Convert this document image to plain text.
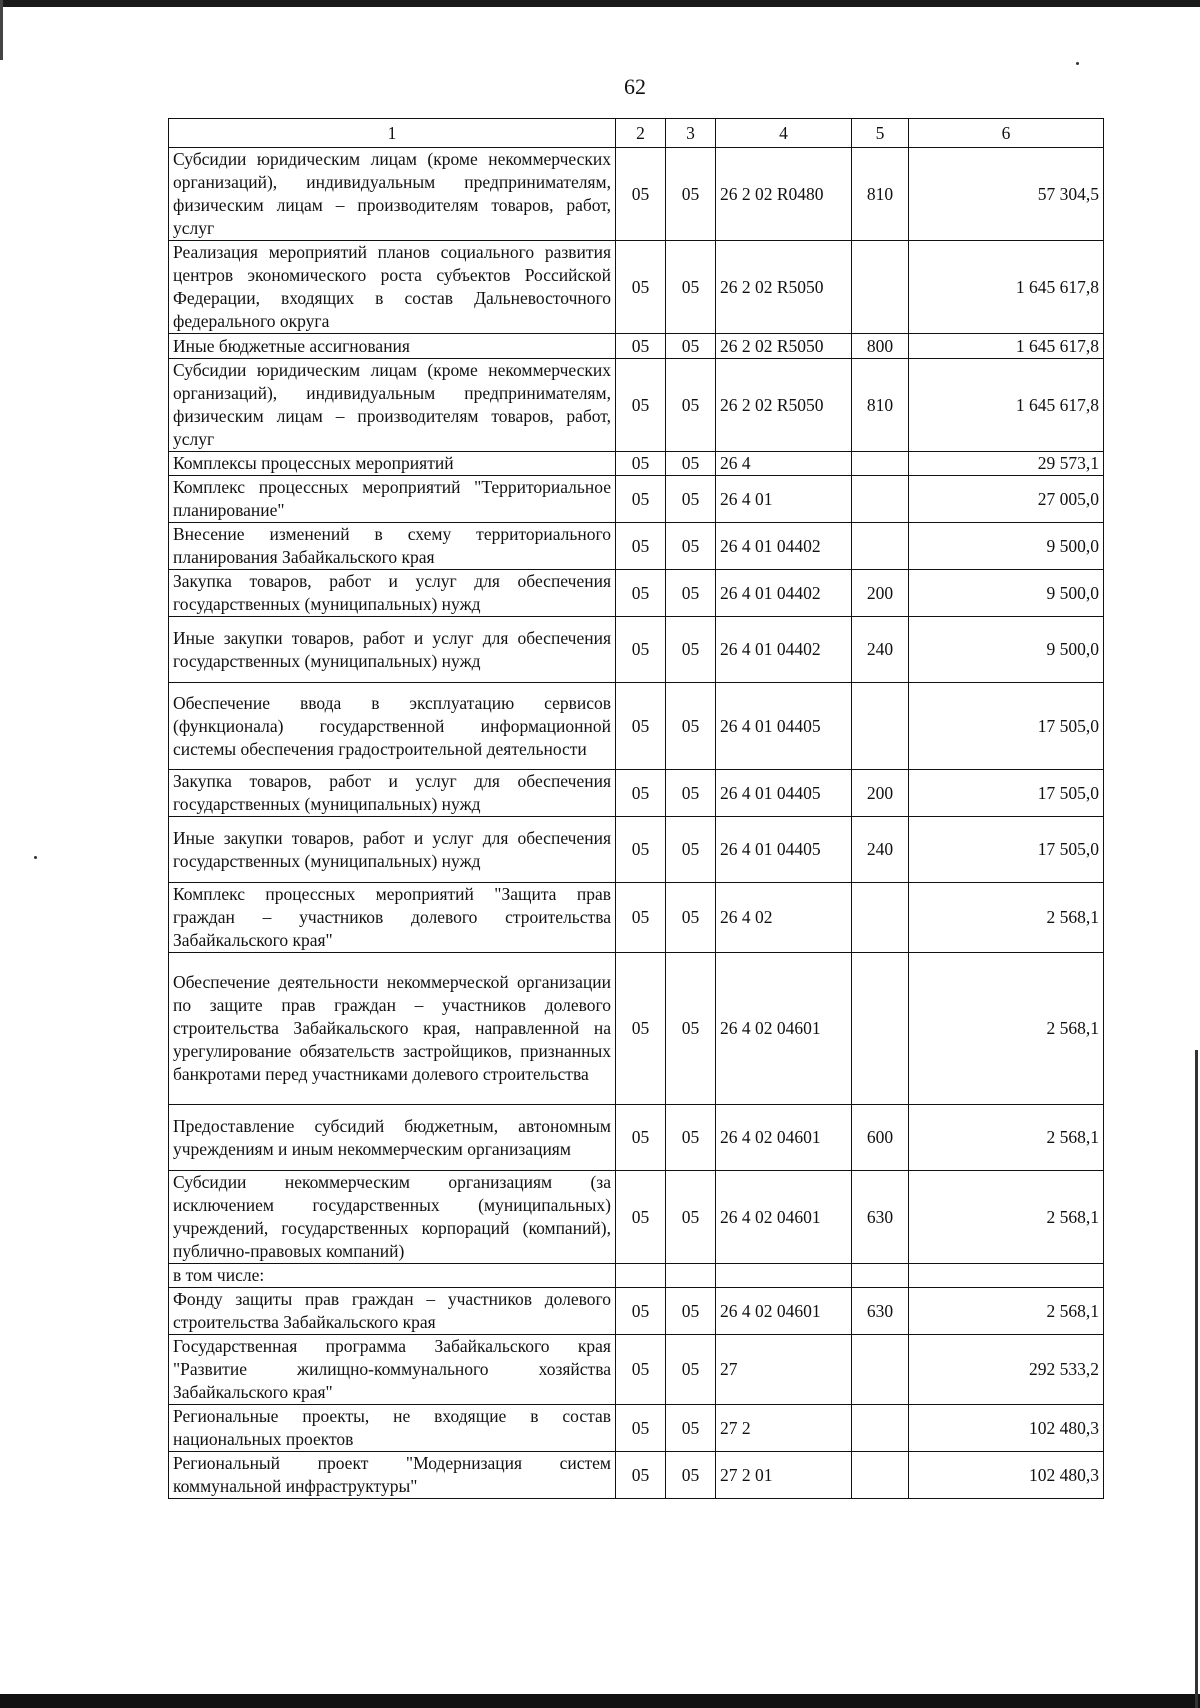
62
1	2	3	4	5	6
Субсидии юридическим лицам (кроме некоммерческих организаций), индивидуальным предпринимателям, физическим лицам – производителям товаров, работ, услуг	05	05	26 2 02 R0480	810	57 304,5
Реализация мероприятий планов социального развития центров экономического роста субъектов Российской Федерации, входящих в состав Дальневосточного федерального округа	05	05	26 2 02 R5050		1 645 617,8
Иные бюджетные ассигнования	05	05	26 2 02 R5050	800	1 645 617,8
Субсидии юридическим лицам (кроме некоммерческих организаций), индивидуальным предпринимателям, физическим лицам – производителям товаров, работ, услуг	05	05	26 2 02 R5050	810	1 645 617,8
Комплексы процессных мероприятий	05	05	26 4		29 573,1
Комплекс процессных мероприятий "Территориальное планирование"	05	05	26 4 01		27 005,0
Внесение изменений в схему территориального планирования Забайкальского края	05	05	26 4 01 04402		9 500,0
Закупка товаров, работ и услуг для обеспечения государственных (муниципальных) нужд	05	05	26 4 01 04402	200	9 500,0
Иные закупки товаров, работ и услуг для обеспечения государственных (муниципальных) нужд	05	05	26 4 01 04402	240	9 500,0
Обеспечение ввода в эксплуатацию сервисов (функционала) государственной информационной системы обеспечения градостроительной деятельности	05	05	26 4 01 04405		17 505,0
Закупка товаров, работ и услуг для обеспечения государственных (муниципальных) нужд	05	05	26 4 01 04405	200	17 505,0
Иные закупки товаров, работ и услуг для обеспечения государственных (муниципальных) нужд	05	05	26 4 01 04405	240	17 505,0
Комплекс процессных мероприятий "Защита прав граждан – участников долевого строительства Забайкальского края"	05	05	26 4 02		2 568,1
Обеспечение деятельности некоммерческой организации по защите прав граждан – участников долевого строительства Забайкальского края, направленной на урегулирование обязательств застройщиков, признанных банкротами перед участниками долевого строительства	05	05	26 4 02 04601		2 568,1
Предоставление субсидий бюджетным, автономным учреждениям и иным некоммерческим организациям	05	05	26 4 02 04601	600	2 568,1
Субсидии некоммерческим организациям (за исключением государственных (муниципальных) учреждений, государственных корпораций (компаний), публично-правовых компаний)	05	05	26 4 02 04601	630	2 568,1
в том числе:					
Фонду защиты прав граждан – участников долевого строительства Забайкальского края	05	05	26 4 02 04601	630	2 568,1
Государственная программа Забайкальского края "Развитие жилищно-коммунального хозяйства Забайкальского края"	05	05	27		292 533,2
Региональные проекты, не входящие в состав национальных проектов	05	05	27 2		102 480,3
Региональный проект "Модернизация систем коммунальной инфраструктуры"	05	05	27 2 01		102 480,3
